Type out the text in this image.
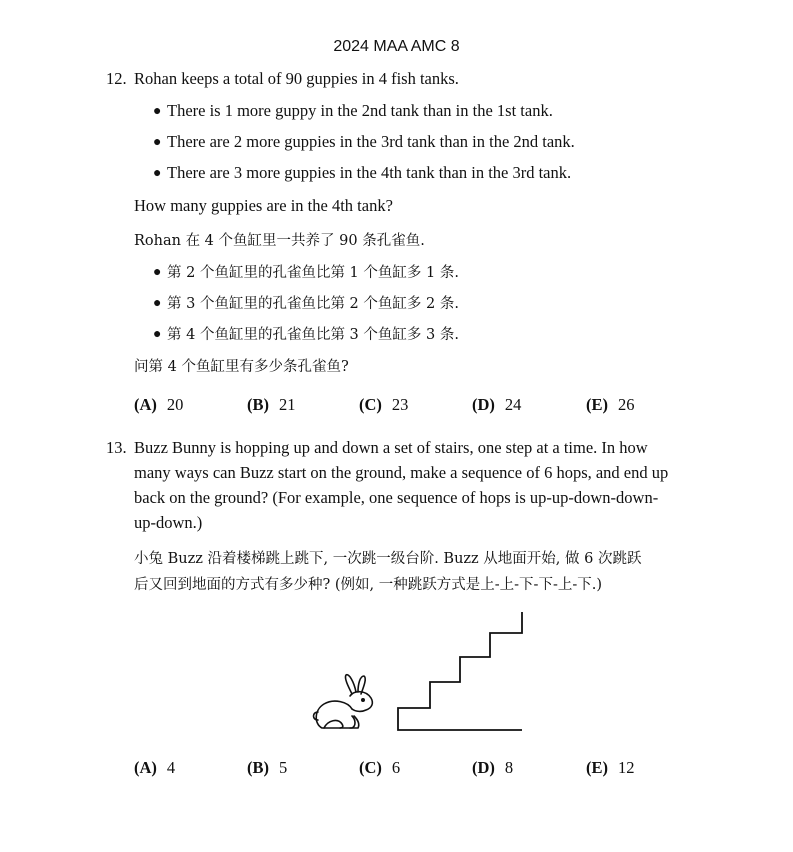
2024 MAA AMC 8
12. Rohan keeps a total of 90 guppies in 4 fish tanks.
● There is 1 more guppy in the 2nd tank than in the 1st tank.
● There are 2 more guppies in the 3rd tank than in the 2nd tank.
● There are 3 more guppies in the 4th tank than in the 3rd tank.
How many guppies are in the 4th tank?
Rohan 在 4 个鱼缸里一共养了 90 条孔雀鱼.
● 第 2 个鱼缸里的孔雀鱼比第 1 个鱼缸多 1 条.
● 第 3 个鱼缸里的孔雀鱼比第 2 个鱼缸多 2 条.
● 第 4 个鱼缸里的孔雀鱼比第 3 个鱼缸多 3 条.
问第 4 个鱼缸里有多少条孔雀鱼?
(A) 20	(B) 21	(C) 23	(D) 24	(E) 26
13. Buzz Bunny is hopping up and down a set of stairs, one step at a time. In how
many ways can Buzz start on the ground, make a sequence of 6 hops, and end up
back on the ground? (For example, one sequence of hops is up-up-down-down-
up-down.)
小兔 Buzz 沿着楼梯跳上跳下, 一次跳一级台阶. Buzz 从地面开始, 做 6 次跳跃
后又回到地面的方式有多少种? (例如, 一种跳跃方式是上-上-下-下-上-下.)
(A) 4	(B) 5	(C) 6	(D) 8	(E) 12
